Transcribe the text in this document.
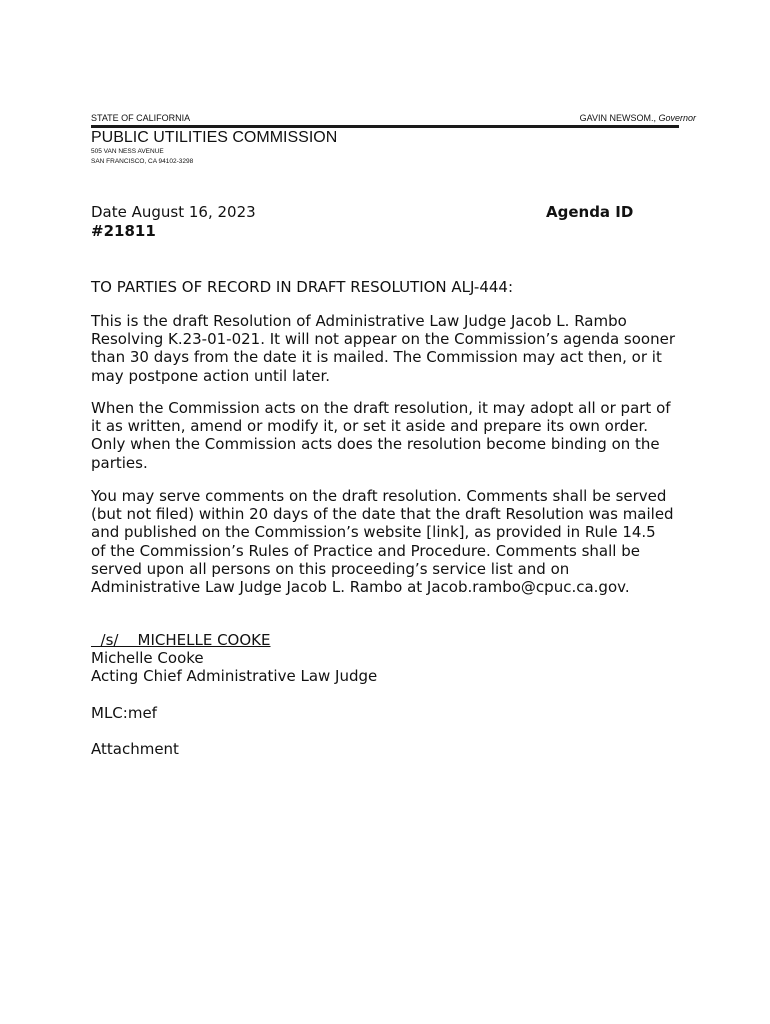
STATE OF CALIFORNIA	GAVIN NEWSOM., Governor
PUBLIC UTILITIES COMMISSION
505 VAN NESS AVENUE
SAN FRANCISCO, CA 94102-3298
Date August 16, 2023	Agenda ID
#21811
TO PARTIES OF RECORD IN DRAFT RESOLUTION ALJ-444:
This is the draft Resolution of Administrative Law Judge Jacob L. Rambo
Resolving K.23-01-021. It will not appear on the Commission’s agenda sooner
than 30 days from the date it is mailed. The Commission may act then, or it
may postpone action until later.
When the Commission acts on the draft resolution, it may adopt all or part of
it as written, amend or modify it, or set it aside and prepare its own order.
Only when the Commission acts does the resolution become binding on the
parties.
You may serve comments on the draft resolution. Comments shall be served
(but not filed) within 20 days of the date that the draft Resolution was mailed
and published on the Commission’s website [link], as provided in Rule 14.5
of the Commission’s Rules of Practice and Procedure. Comments shall be
served upon all persons on this proceeding’s service list and on
Administrative Law Judge Jacob L. Rambo at Jacob.rambo@cpuc.ca.gov.
/s/    MICHELLE COOKE
Michelle Cooke
Acting Chief Administrative Law Judge
MLC:mef
Attachment
